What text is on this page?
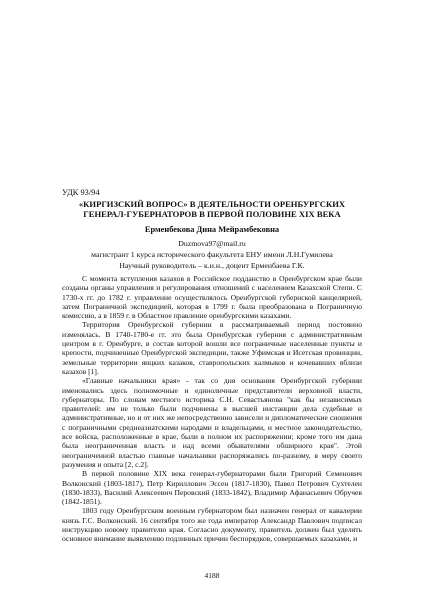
УДК 93/94
«КИРГИЗСКИЙ ВОПРОС» В ДЕЯТЕЛЬНОСТИ ОРЕНБУРГСКИХ
ГЕНЕРАЛ-ГУБЕРНАТОРОВ В ПЕРВОЙ ПОЛОВИНЕ XIX ВЕКА
Ерменбекова Дина Мейрамбековна
Duzmova97@mail.ru
магистрант 1 курса исторического факультета ЕНУ имени Л.Н.Гумилева
Научный руководитель – к.и.н., доцент Ерменбаева Г.К.

С момента вступления казахов в Российское подданство в Оренбургском крае были созданы органы управления и регулирования отношений с населением Казахской Степи. С 1730-х гг. до 1782 г. управление осуществлялось Оренбургской губернской канцелярией, затем Пограничной экспедицией, которая в 1799 г. была преобразована в Пограничную комиссию, а в 1859 г. в Областное правление оренбургскими казахами.

Территория Оренбургской губернии в рассматриваемый период постоянно изменялась. В 1740-1780-е гг. это была Оренбургская губерния с административным центром в г. Оренбурге, в состав которой вошли все пограничные населенные пункты и крепости, подчиненные Оренбургской экспедиции, также Уфимская и Исетская провинции, земельные территории яицких казаков, ставропольских калмыков и кочевавших вблизи казахов [1].

«Главные начальники края» - так со дня основания Оренбургской губернии именовались здесь полномочные и единоличные представители верховной власти, губернаторы. По словам местного историка С.Н. Севастьянова "как бы независимых правителей: им не только были подчинены в высшей инстанции дела судебные и административные, но и от них же непосредственно зависели и дипломатические сношения с пограничными среднеазиатскими народами и владельцами, и местное законодательство, все войска, расположенные в крае, были в полном их распоряжении; кроме того им дана была неограниченная власть и над всеми обывателями обширного края". Этой неограниченной властью главные начальники распоряжались по-разному, в меру своего разумения и опыта [2, с.2].

В первой половине XIX века генерал-губернаторами были Григорий Семенович Волконский (1803-1817), Петр Кириллович Эссен (1817-1830), Павел Петрович Сухтелен (1830-1833), Василий Алексеевич Перовский (1833-1842), Владимир Афанасьевич Обручев (1842-1851).

1803 году Оренбургским военным губернатором был назначен генерал от кавалерии князь Г.С. Волконский. 16 сентября того же года император Александр Павлович подписал инструкцию новому правителю края. Согласно документу, правитель должен был уделять основное внимание выявлению подлинных причин беспорядков, совершаемых казахами, и

4188
